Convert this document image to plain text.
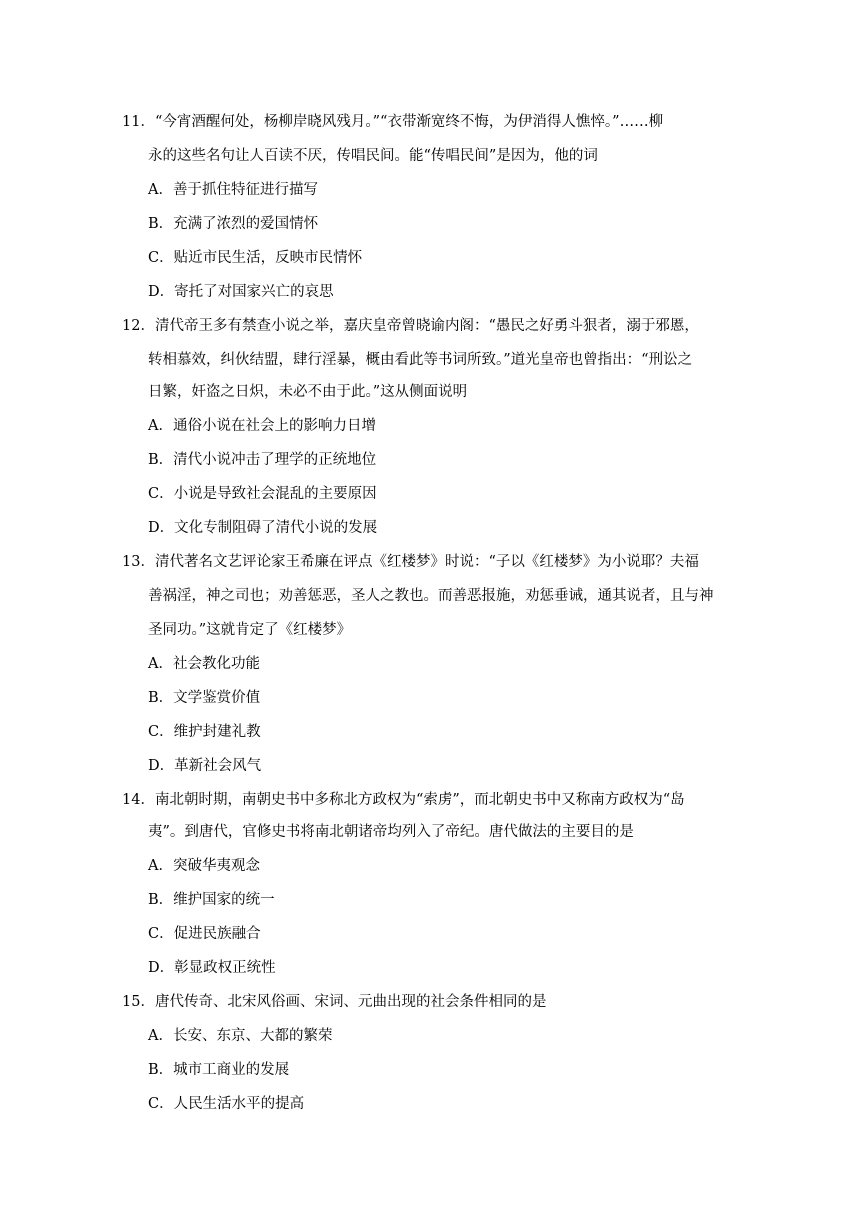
11．“今宵酒醒何处，杨柳岸晓风残月。”“衣带渐宽终不悔，为伊消得人憔悴。”……柳
永的这些名句让人百读不厌，传唱民间。能“传唱民间”是因为，他的词
A．善于抓住特征进行描写
B．充满了浓烈的爱国情怀
C．贴近市民生活，反映市民情怀
D．寄托了对国家兴亡的哀思
12．清代帝王多有禁查小说之举，嘉庆皇帝曾晓谕内阁：“愚民之好勇斗狠者，溺于邪慝，
转相慕效，纠伙结盟，肆行淫暴，概由看此等书词所致。”道光皇帝也曾指出：“刑讼之
日繁，奸盗之日炽，未必不由于此。”这从侧面说明
A．通俗小说在社会上的影响力日增
B．清代小说冲击了理学的正统地位
C．小说是导致社会混乱的主要原因
D．文化专制阻碍了清代小说的发展
13．清代著名文艺评论家王希廉在评点《红楼梦》时说：“子以《红楼梦》为小说耶？夫福
善祸淫，神之司也；劝善惩恶，圣人之教也。而善恶报施，劝惩垂诫，通其说者，且与神
圣同功。”这就肯定了《红楼梦》
A．社会教化功能
B．文学鉴赏价值
C．维护封建礼教
D．革新社会风气
14．南北朝时期，南朝史书中多称北方政权为“索虏”，而北朝史书中又称南方政权为“岛
夷”。到唐代，官修史书将南北朝诸帝均列入了帝纪。唐代做法的主要目的是
A．突破华夷观念
B．维护国家的统一
C．促进民族融合
D．彰显政权正统性
15．唐代传奇、北宋风俗画、宋词、元曲出现的社会条件相同的是
A．长安、东京、大都的繁荣
B．城市工商业的发展
C．人民生活水平的提高
